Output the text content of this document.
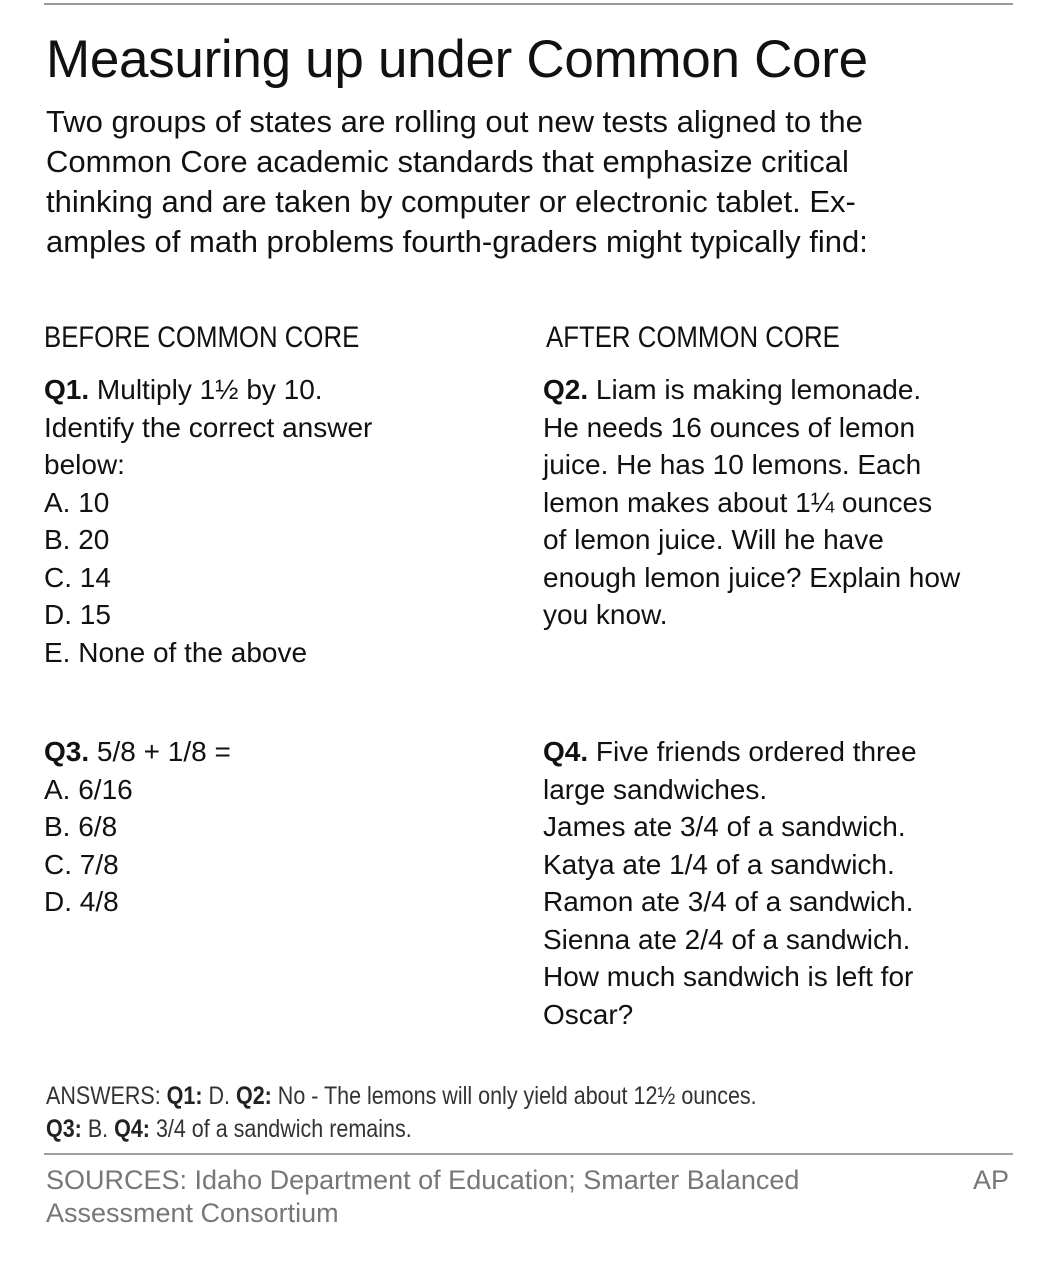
Measuring up under Common Core
Two groups of states are rolling out new tests aligned to the
Common Core academic standards that emphasize critical
thinking and are taken by computer or electronic tablet. Ex-
amples of math problems fourth-graders might typically find:
BEFORE COMMON CORE	AFTER COMMON CORE
Q1. Multiply 1½ by 10.
Identify the correct answer
below:
A. 10
B. 20
C. 14
D. 15
E. None of the above
Q2. Liam is making lemonade.
He needs 16 ounces of lemon
juice. He has 10 lemons. Each
lemon makes about 1¼ ounces
of lemon juice. Will he have
enough lemon juice? Explain how
you know.
Q3. 5/8 + 1/8 =
A. 6/16
B. 6/8
C. 7/8
D. 4/8
Q4. Five friends ordered three
large sandwiches.
James ate 3/4 of a sandwich.
Katya ate 1/4 of a sandwich.
Ramon ate 3/4 of a sandwich.
Sienna ate 2/4 of a sandwich.
How much sandwich is left for
Oscar?
ANSWERS: Q1: D. Q2: No - The lemons will only yield about 12½ ounces.
Q3: B. Q4: 3/4 of a sandwich remains.
SOURCES: Idaho Department of Education; Smarter Balanced
Assessment Consortium
AP
